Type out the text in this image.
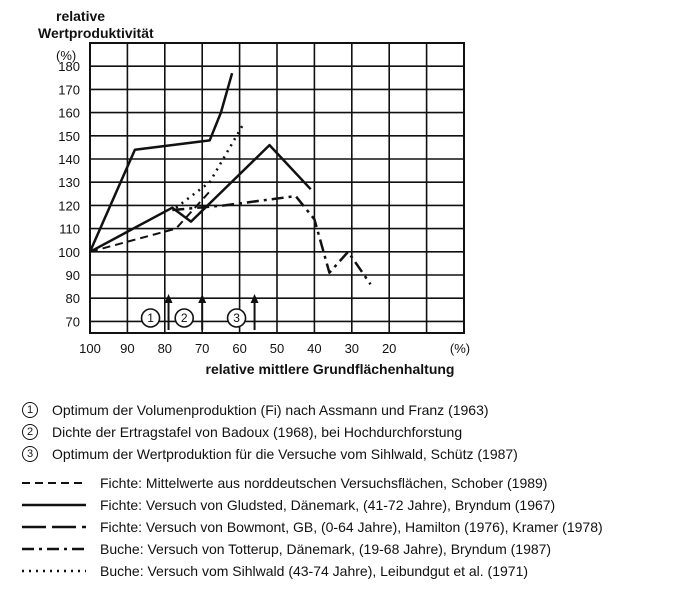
relative
Wertproduktivität
(%)
180
170
160
150
140
130
120
110
100
90
80
70
100 90 80 70 60 50 40 30 20	(%)
relative mittlere Grundflächenhaltung
1 2	3
1	Optimum der Volumenproduktion (Fi) nach Assmann und Franz (1963)
2	Dichte der Ertragstafel von Badoux (1968), bei Hochdurchforstung
3	Optimum der Wertproduktion für die Versuche vom Sihlwald, Schütz (1987)
Fichte: Mittelwerte aus norddeutschen Versuchsflächen, Schober (1989)
Fichte: Versuch von Gludsted, Dänemark, (41-72 Jahre), Bryndum (1967)
Fichte: Versuch von Bowmont, GB, (0-64 Jahre), Hamilton (1976), Kramer (1978)
Buche: Versuch von Totterup, Dänemark, (19-68 Jahre), Bryndum (1987)
Buche: Versuch vom Sihlwald (43-74 Jahre), Leibundgut et al. (1971)
